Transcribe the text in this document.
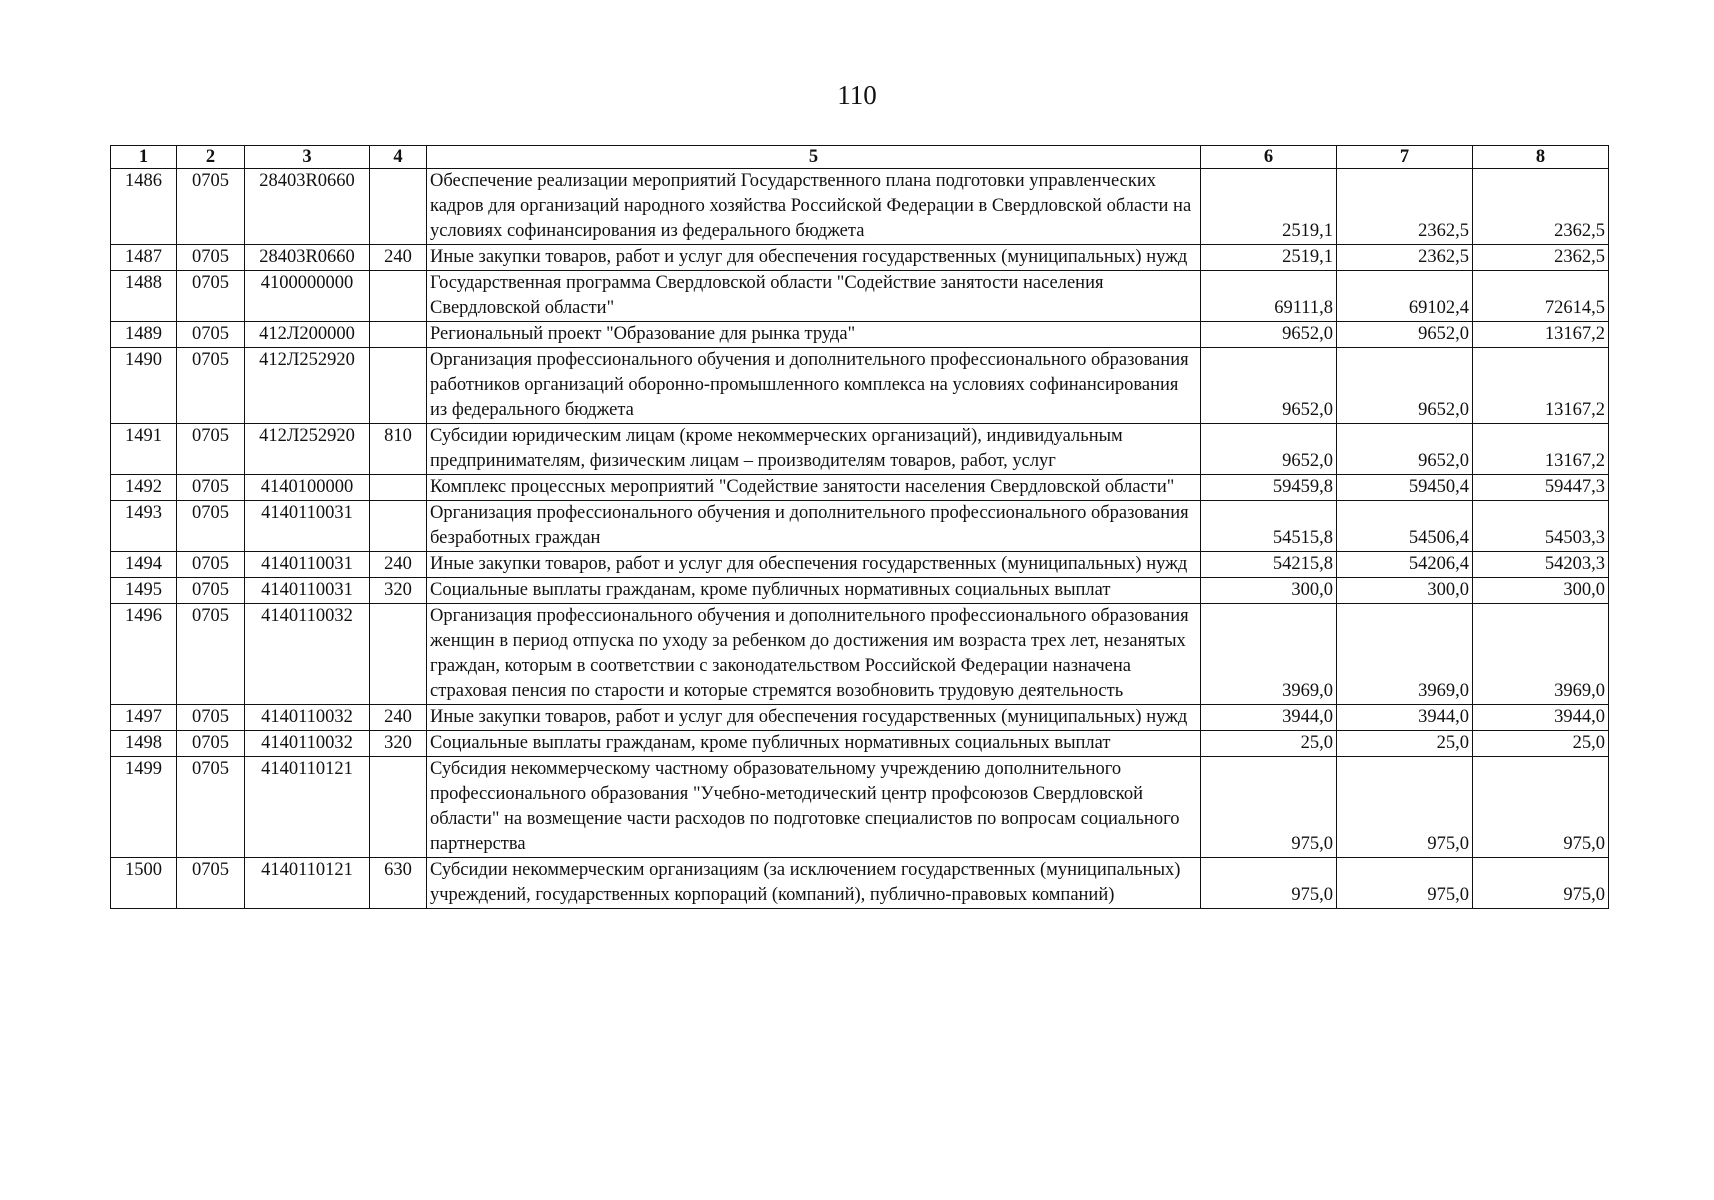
110
1	2	3	4	5	6	7	8
1486	0705	28403R0660		Обеспечение реализации мероприятий Государственного плана подготовки управленческих кадров для организаций народного хозяйства Российской Федерации в Свердловской области на условиях софинансирования из федерального бюджета	2519,1	2362,5	2362,5
1487	0705	28403R0660	240	Иные закупки товаров, работ и услуг для обеспечения государственных (муниципальных) нужд	2519,1	2362,5	2362,5
1488	0705	4100000000		Государственная программа Свердловской области "Содействие занятости населения Свердловской области"	69111,8	69102,4	72614,5
1489	0705	412Л200000		Региональный проект "Образование для рынка труда"	9652,0	9652,0	13167,2
1490	0705	412Л252920		Организация профессионального обучения и дополнительного профессионального образования работников организаций оборонно-промышленного комплекса на условиях софинансирования из федерального бюджета	9652,0	9652,0	13167,2
1491	0705	412Л252920	810	Субсидии юридическим лицам (кроме некоммерческих организаций), индивидуальным предпринимателям, физическим лицам – производителям товаров, работ, услуг	9652,0	9652,0	13167,2
1492	0705	4140100000		Комплекс процессных мероприятий "Содействие занятости населения Свердловской области"	59459,8	59450,4	59447,3
1493	0705	4140110031		Организация профессионального обучения и дополнительного профессионального образования безработных граждан	54515,8	54506,4	54503,3
1494	0705	4140110031	240	Иные закупки товаров, работ и услуг для обеспечения государственных (муниципальных) нужд	54215,8	54206,4	54203,3
1495	0705	4140110031	320	Социальные выплаты гражданам, кроме публичных нормативных социальных выплат	300,0	300,0	300,0
1496	0705	4140110032		Организация профессионального обучения и дополнительного профессионального образования женщин в период отпуска по уходу за ребенком до достижения им возраста трех лет, незанятых граждан, которым в соответствии с законодательством Российской Федерации назначена страховая пенсия по старости и которые стремятся возобновить трудовую деятельность	3969,0	3969,0	3969,0
1497	0705	4140110032	240	Иные закупки товаров, работ и услуг для обеспечения государственных (муниципальных) нужд	3944,0	3944,0	3944,0
1498	0705	4140110032	320	Социальные выплаты гражданам, кроме публичных нормативных социальных выплат	25,0	25,0	25,0
1499	0705	4140110121		Субсидия некоммерческому частному образовательному учреждению дополнительного профессионального образования "Учебно-методический центр профсоюзов Свердловской области" на возмещение части расходов по подготовке специалистов по вопросам социального партнерства	975,0	975,0	975,0
1500	0705	4140110121	630	Субсидии некоммерческим организациям (за исключением государственных (муниципальных) учреждений, государственных корпораций (компаний), публично-правовых компаний)	975,0	975,0	975,0
